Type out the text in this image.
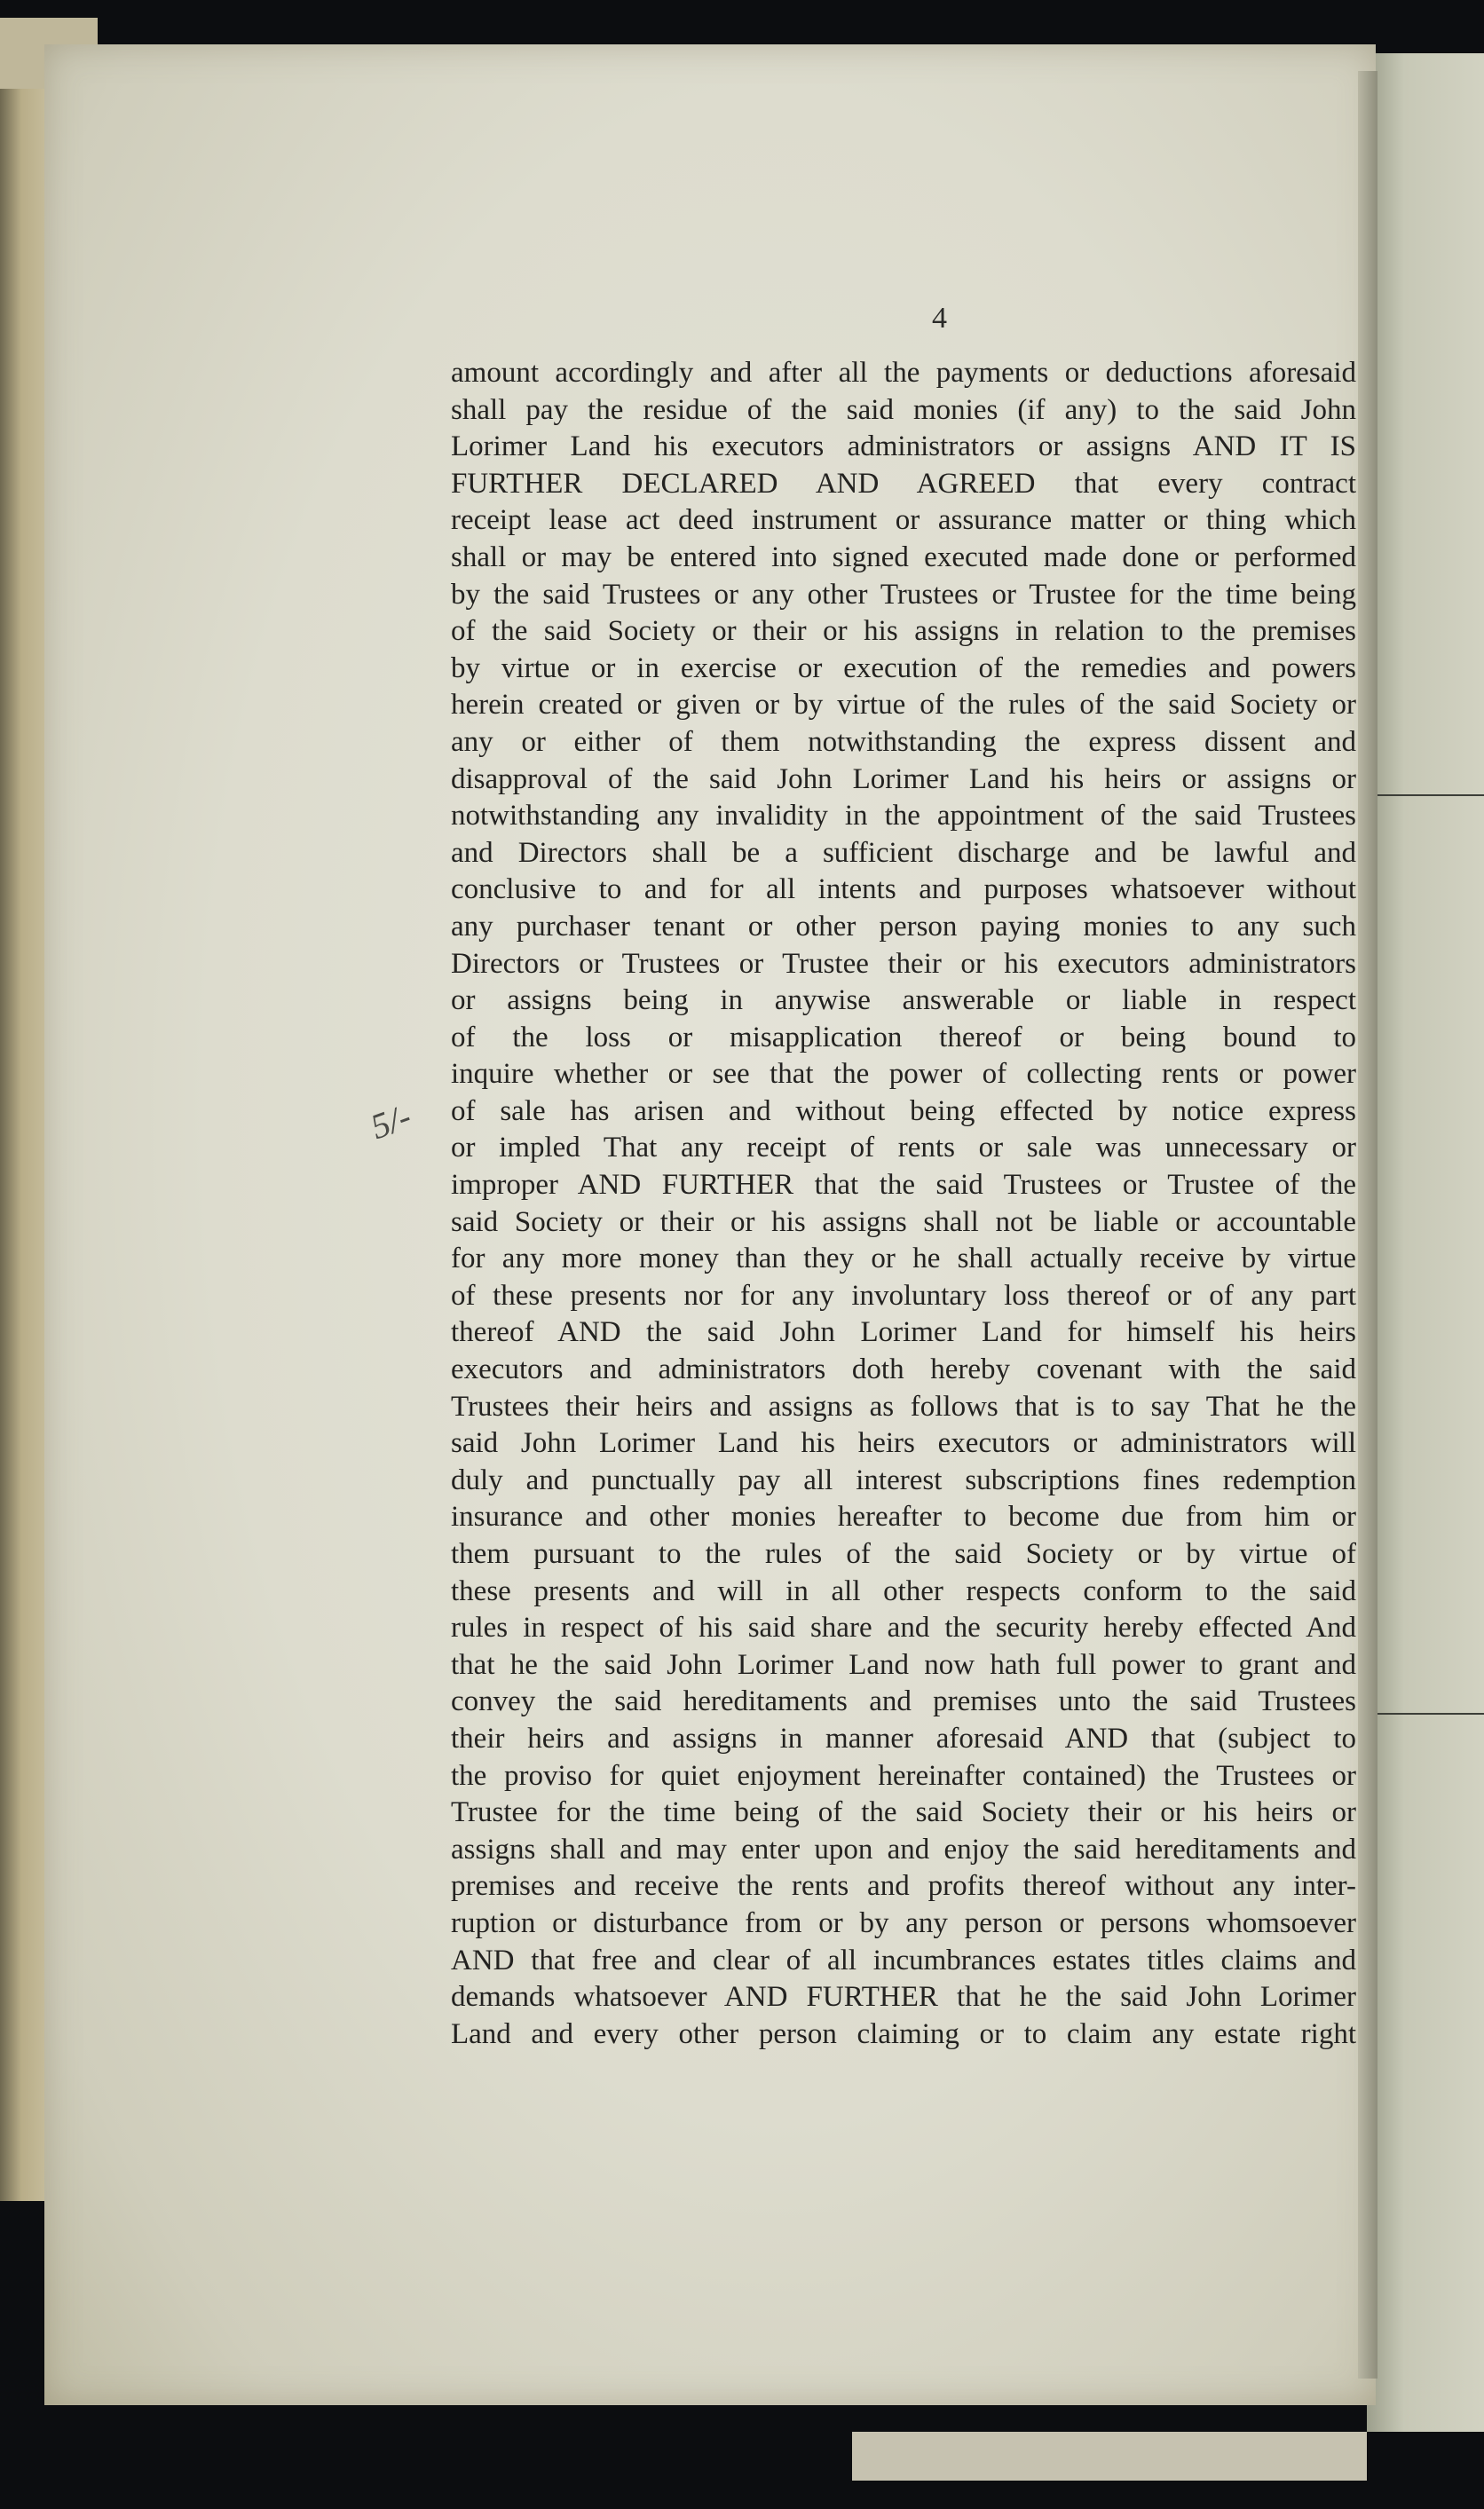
4
5/-
amount accordingly and after all the payments or deductions aforesaid
shall pay the residue of the said monies (if any) to the said John
Lorimer Land his executors administrators or assigns AND IT IS
FURTHER DECLARED AND AGREED that every contract
receipt lease act deed instrument or assurance matter or thing which
shall or may be entered into signed executed made done or performed
by the said Trustees or any other Trustees or Trustee for the time being
of the said Society or their or his assigns in relation to the premises
by virtue or in exercise or execution of the remedies and powers
herein created or given or by virtue of the rules of the said Society or
any or either of them notwithstanding the express dissent and
disapproval of the said John Lorimer Land his heirs or assigns or
notwithstanding any invalidity in the appointment of the said Trustees
and Directors shall be a sufficient discharge and be lawful and
conclusive to and for all intents and purposes whatsoever without
any purchaser tenant or other person paying monies to any such
Directors or Trustees or Trustee their or his executors administrators
or assigns being in anywise answerable or liable in respect
of the loss or misapplication thereof or being bound to
inquire whether or see that the power of collecting rents or power
of sale has arisen and without being effected by notice express
or impled That any receipt of rents or sale was unnecessary or
improper AND FURTHER that the said Trustees or Trustee of the
said Society or their or his assigns shall not be liable or accountable
for any more money than they or he shall actually receive by virtue
of these presents nor for any involuntary loss thereof or of any part
thereof AND the said John Lorimer Land for himself his heirs
executors and administrators doth hereby covenant with the said
Trustees their heirs and assigns as follows that is to say That he the
said John Lorimer Land his heirs executors or administrators will
duly and punctually pay all interest subscriptions fines redemption
insurance and other monies hereafter to become due from him or
them pursuant to the rules of the said Society or by virtue of
these presents and will in all other respects conform to the said
rules in respect of his said share and the security hereby effected And
that he the said John Lorimer Land now hath full power to grant and
convey the said hereditaments and premises unto the said Trustees
their heirs and assigns in manner aforesaid AND that (subject to
the proviso for quiet enjoyment hereinafter contained) the Trustees or
Trustee for the time being of the said Society their or his heirs or
assigns shall and may enter upon and enjoy the said hereditaments and
premises and receive the rents and profits thereof without any inter-
ruption or disturbance from or by any person or persons whomsoever
AND that free and clear of all incumbrances estates titles claims and
demands whatsoever AND FURTHER that he the said John Lorimer
Land and every other person claiming or to claim any estate right
